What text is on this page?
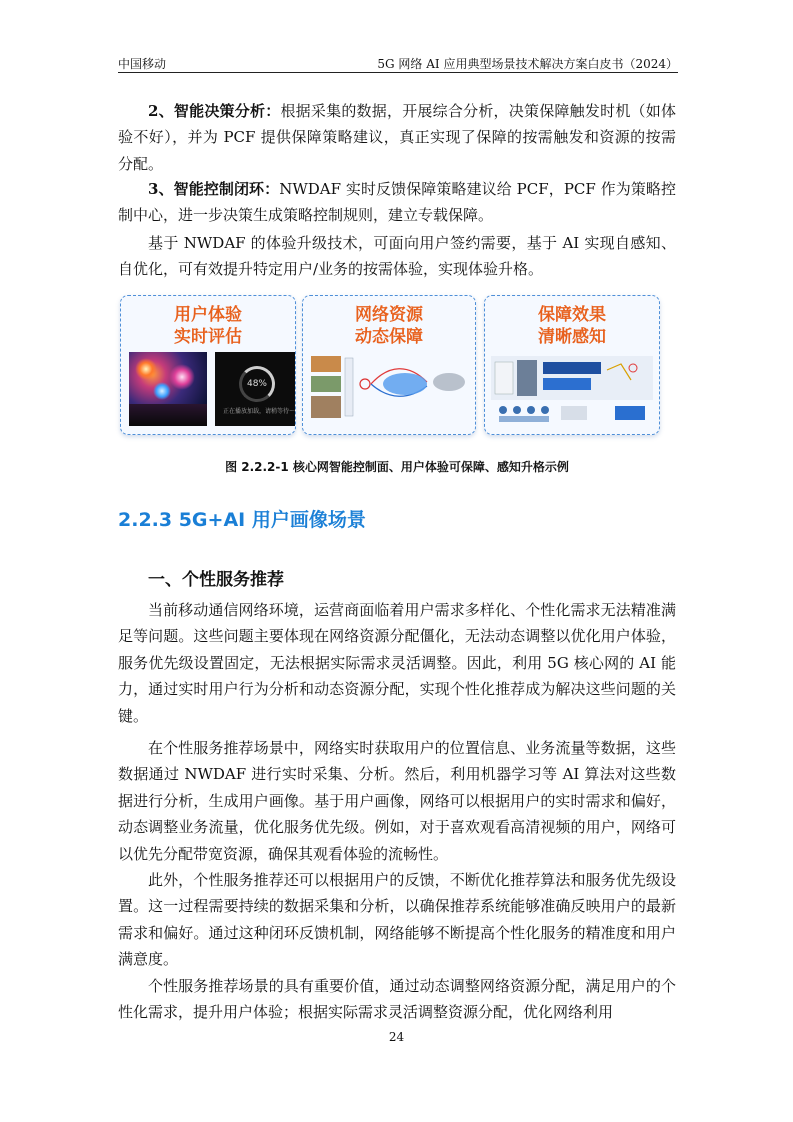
中国移动	5G 网络 AI 应用典型场景技术解决方案白皮书（2024）

2、智能决策分析：根据采集的数据，开展综合分析，决策保障触发时机（如体验不好），并为 PCF 提供保障策略建议，真正实现了保障的按需触发和资源的按需分配。

3、智能控制闭环：NWDAF 实时反馈保障策略建议给 PCF，PCF 作为策略控制中心，进一步决策生成策略控制规则，建立专载保障。

基于 NWDAF 的体验升级技术，可面向用户签约需要，基于 AI 实现自感知、自优化，可有效提升特定用户/业务的按需体验，实现体验升格。

用户体验
实时评估
48%
正在播放加载，请稍等待～
网络资源
动态保障
保障效果
清晰感知
图 2.2.2-1 核心网智能控制面、用户体验可保障、感知升格示例
2.2.3 5G+AI 用户画像场景
一、个性服务推荐

当前移动通信网络环境，运营商面临着用户需求多样化、个性化需求无法精准满足等问题。这些问题主要体现在网络资源分配僵化，无法动态调整以优化用户体验，服务优先级设置固定，无法根据实际需求灵活调整。因此，利用 5G 核心网的 AI 能力，通过实时用户行为分析和动态资源分配，实现个性化推荐成为解决这些问题的关键。

在个性服务推荐场景中，网络实时获取用户的位置信息、业务流量等数据，这些数据通过 NWDAF 进行实时采集、分析。然后，利用机器学习等 AI 算法对这些数据进行分析，生成用户画像。基于用户画像，网络可以根据用户的实时需求和偏好，动态调整业务流量，优化服务优先级。例如，对于喜欢观看高清视频的用户，网络可以优先分配带宽资源，确保其观看体验的流畅性。

此外，个性服务推荐还可以根据用户的反馈，不断优化推荐算法和服务优先级设置。这一过程需要持续的数据采集和分析，以确保推荐系统能够准确反映用户的最新需求和偏好。通过这种闭环反馈机制，网络能够不断提高个性化服务的精准度和用户满意度。

个性服务推荐场景的具有重要价值，通过动态调整网络资源分配，满足用户的个性化需求，提升用户体验；根据实际需求灵活调整资源分配，优化网络利用

24
